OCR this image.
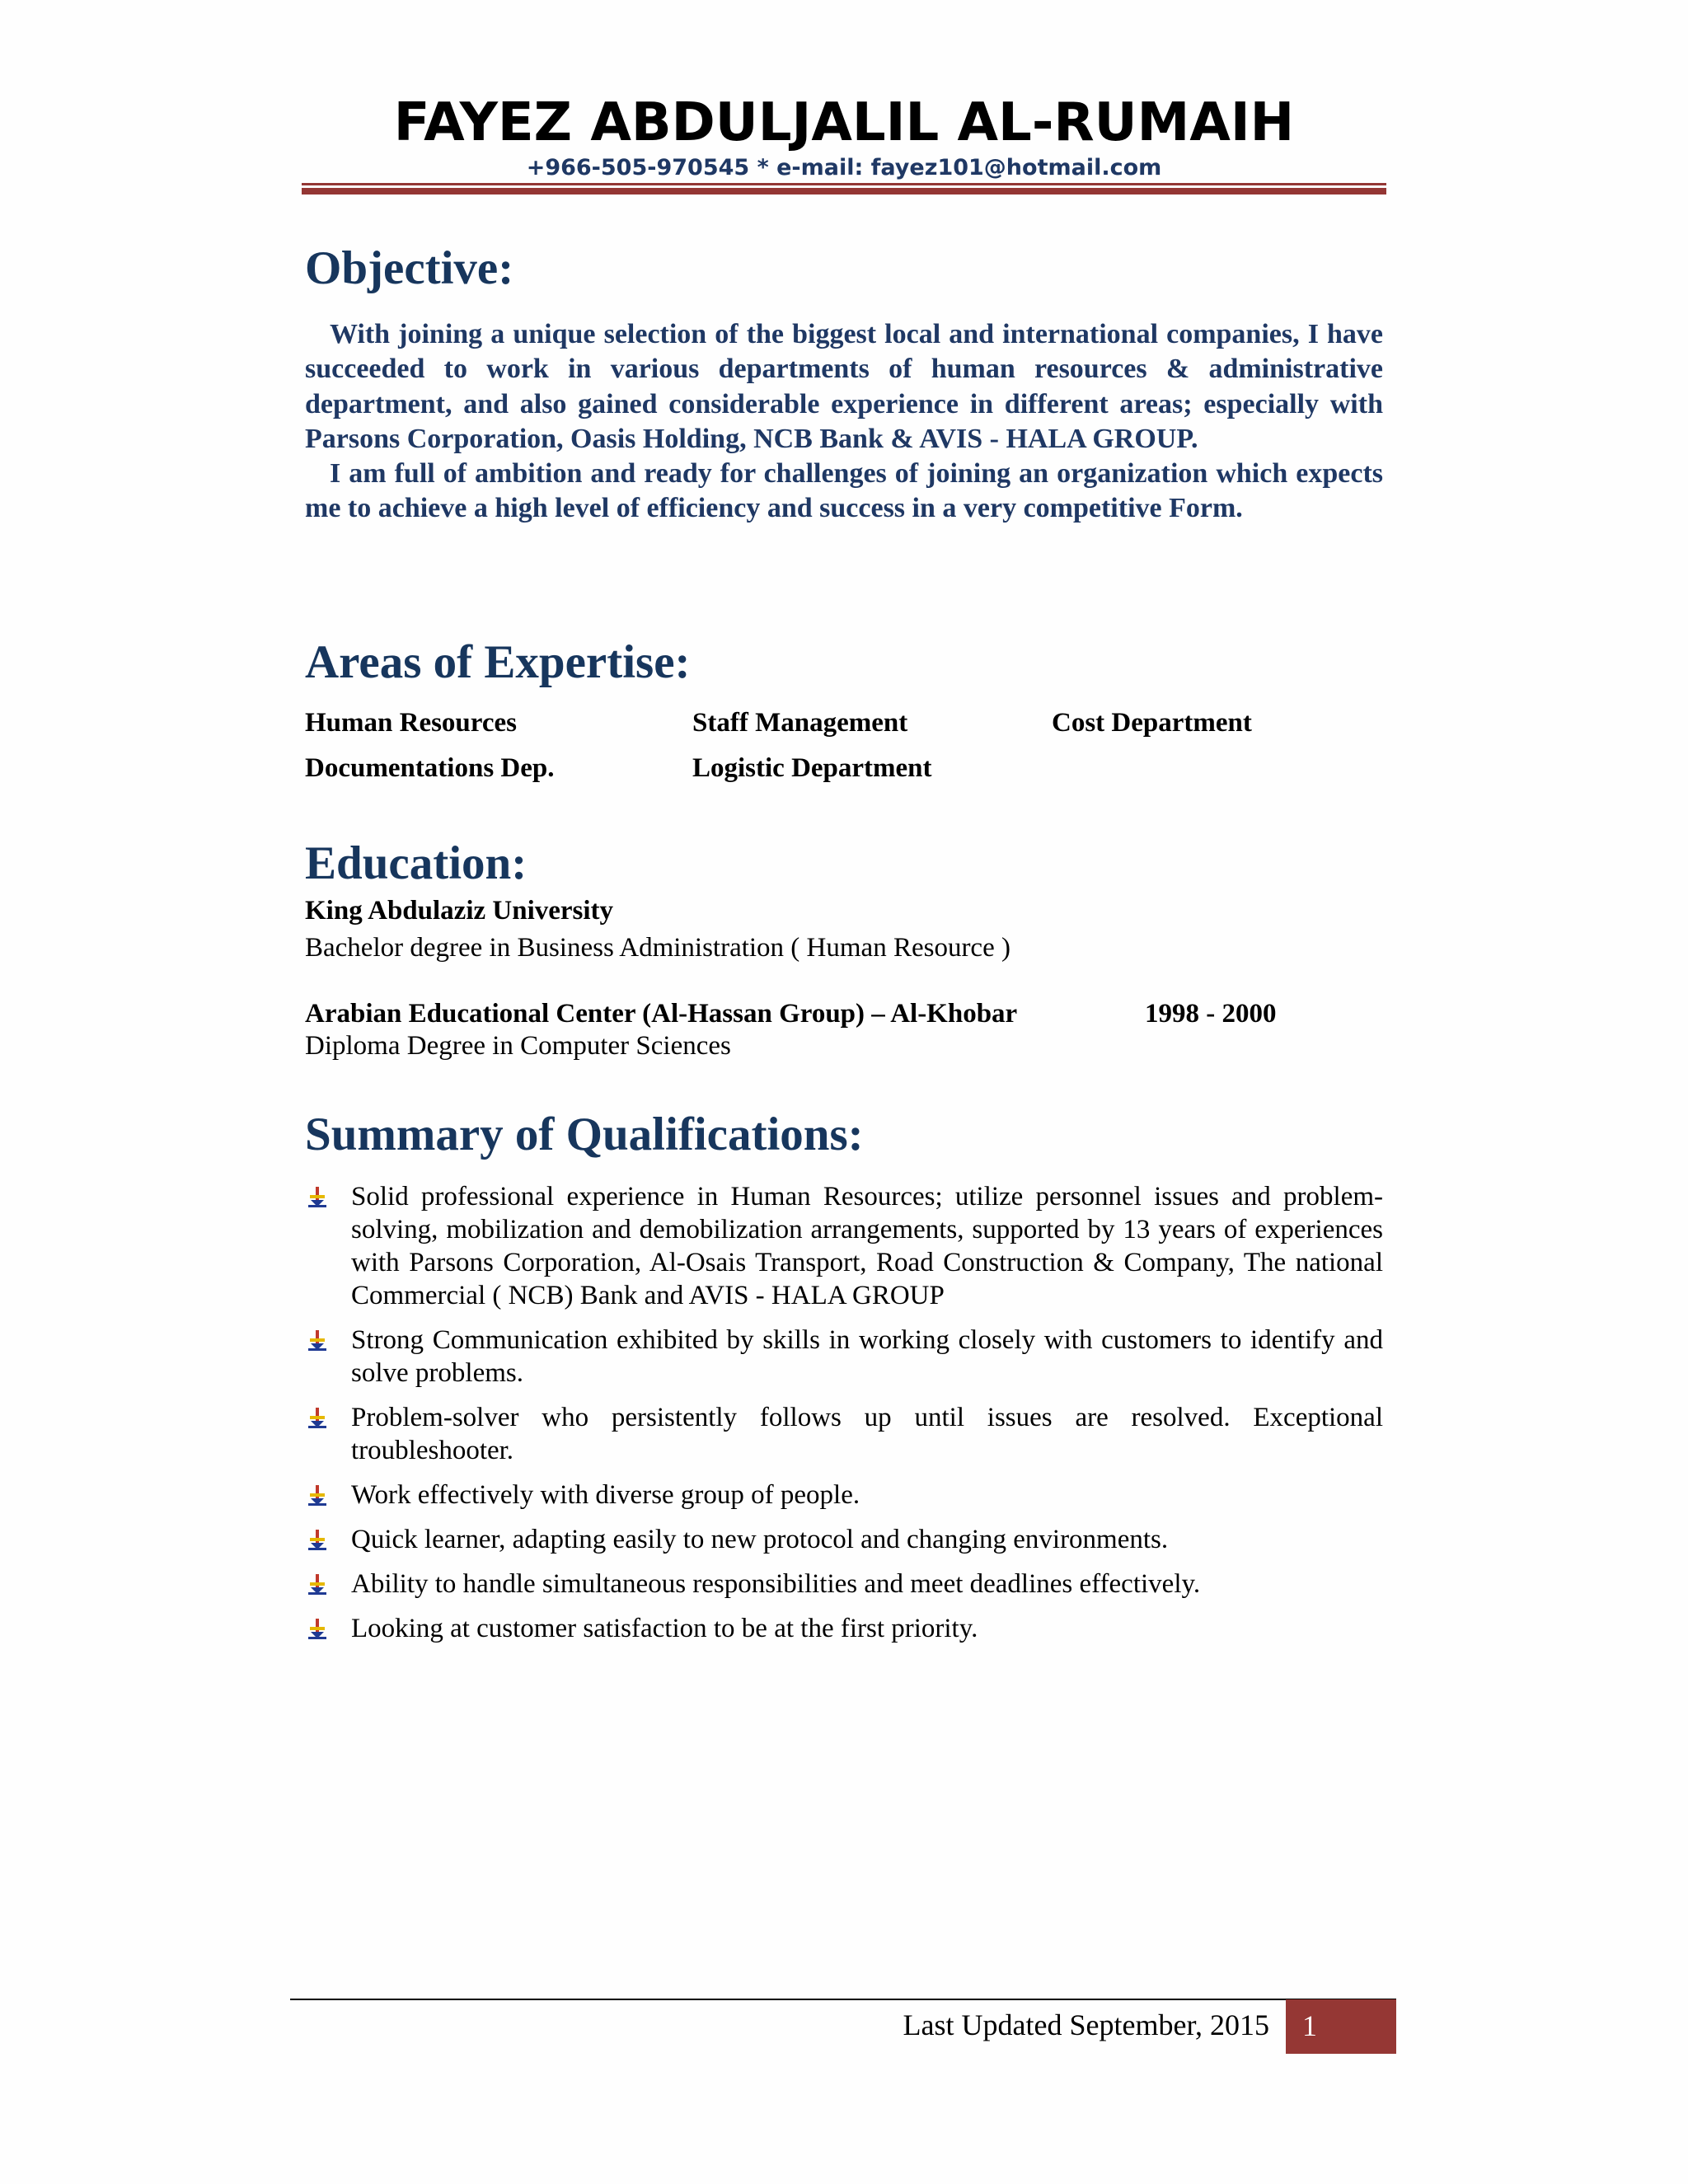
FAYEZ ABDULJALIL AL-RUMAIH
+966-505-970545 * e-mail: fayez101@hotmail.com
Objective:

With joining a unique selection of the biggest local and international companies, I have succeeded to work in various departments of human resources & administrative department, and also gained considerable experience in different areas; especially with Parsons Corporation, Oasis Holding, NCB Bank & AVIS - HALA GROUP.

I am full of ambition and ready for challenges of joining an organization which expects me to achieve a high level of efficiency and success in a very competitive Form.

Areas of Expertise:
Human Resources	Staff Management	Cost Department
Documentations Dep.	Logistic Department
Education:
King Abdulaziz University
Bachelor degree in Business Administration ( Human Resource )
Arabian Educational Center (Al-Hassan Group) – Al-Khobar	1998 - 2000
Diploma Degree in Computer Sciences
Summary of Qualifications:
Solid professional experience in Human Resources; utilize personnel issues and problem-solving, mobilization and demobilization arrangements, supported by 13 years of experiences with Parsons Corporation, Al-Osais Transport, Road Construction & Company, The national Commercial ( NCB) Bank and AVIS - HALA GROUP
Strong Communication exhibited by skills in working closely with customers to identify and solve problems.
Problem-solver who persistently follows up until issues are resolved. Exceptional troubleshooter.
Work effectively with diverse group of people.
Quick learner, adapting easily to new protocol and changing environments.
Ability to handle simultaneous responsibilities and meet deadlines effectively.
Looking at customer satisfaction to be at the first priority.
Last Updated September, 2015	1
